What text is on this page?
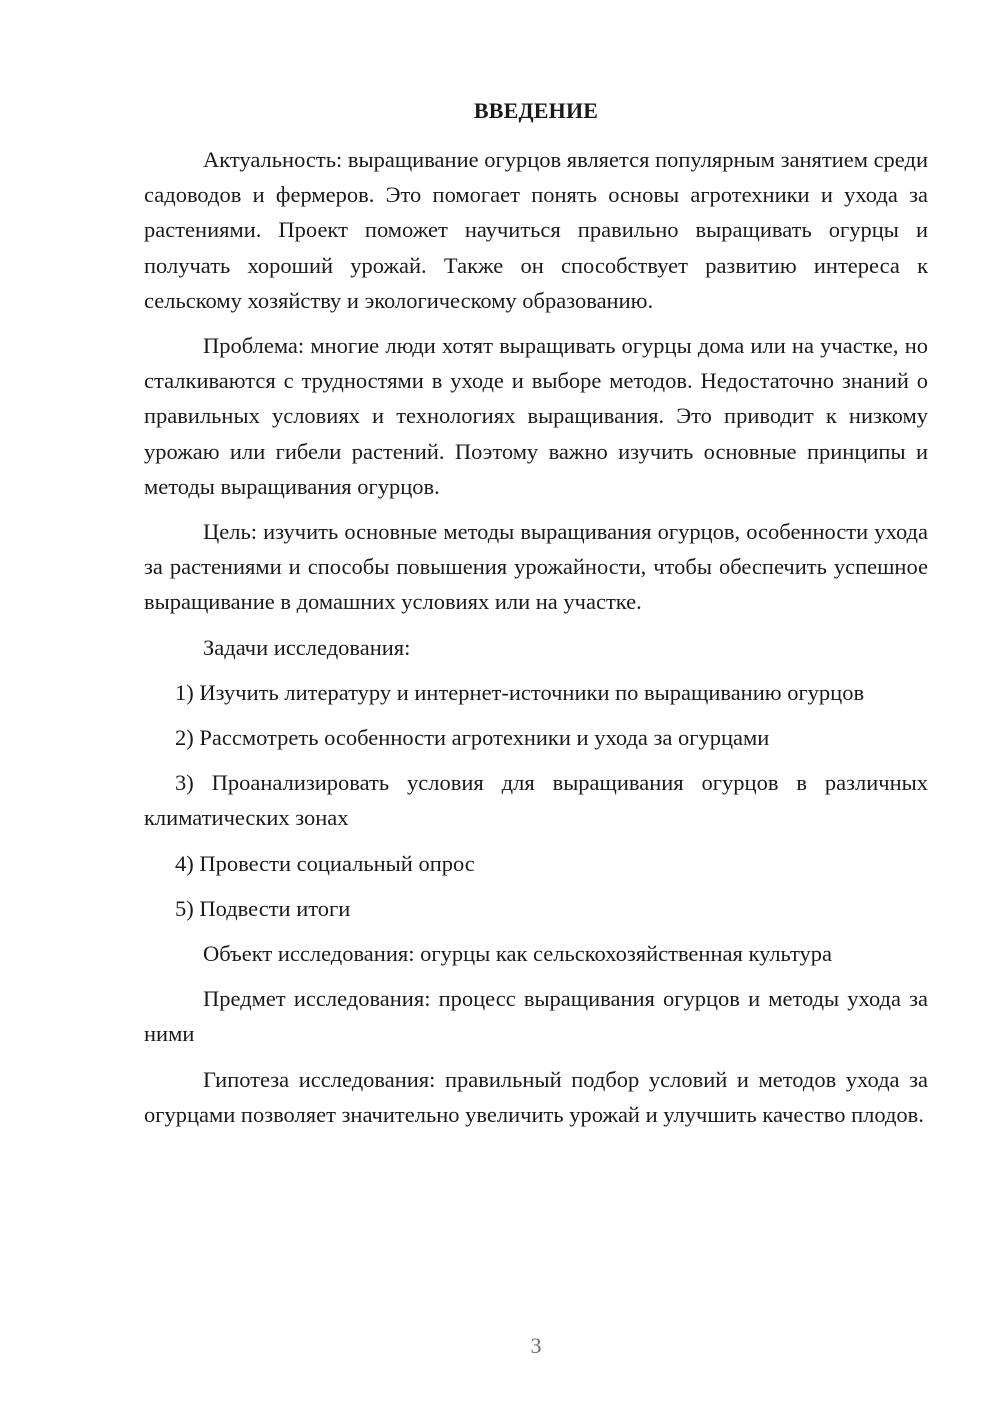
ВВЕДЕНИЕ

Актуальность: выращивание огурцов является популярным занятием среди садоводов и фермеров. Это помогает понять основы агротехники и ухода за растениями. Проект поможет научиться правильно выращивать огурцы и получать хороший урожай. Также он способствует развитию интереса к сельскому хозяйству и экологическому образованию.

Проблема: многие люди хотят выращивать огурцы дома или на участке, но сталкиваются с трудностями в уходе и выборе методов. Недостаточно знаний о правильных условиях и технологиях выращивания. Это приводит к низкому урожаю или гибели растений. Поэтому важно изучить основные принципы и методы выращивания огурцов.

Цель: изучить основные методы выращивания огурцов, особенности ухода за растениями и способы повышения урожайности, чтобы обеспечить успешное выращивание в домашних условиях или на участке.

Задачи исследования:

1) Изучить литературу и интернет-источники по выращиванию огурцов

2) Рассмотреть особенности агротехники и ухода за огурцами

3) Проанализировать условия для выращивания огурцов в различных климатических зонах

4) Провести социальный опрос

5) Подвести итоги

Объект исследования: огурцы как сельскохозяйственная культура

Предмет исследования: процесс выращивания огурцов и методы ухода за ними

Гипотеза исследования: правильный подбор условий и методов ухода за огурцами позволяет значительно увеличить урожай и улучшить качество плодов.

3
